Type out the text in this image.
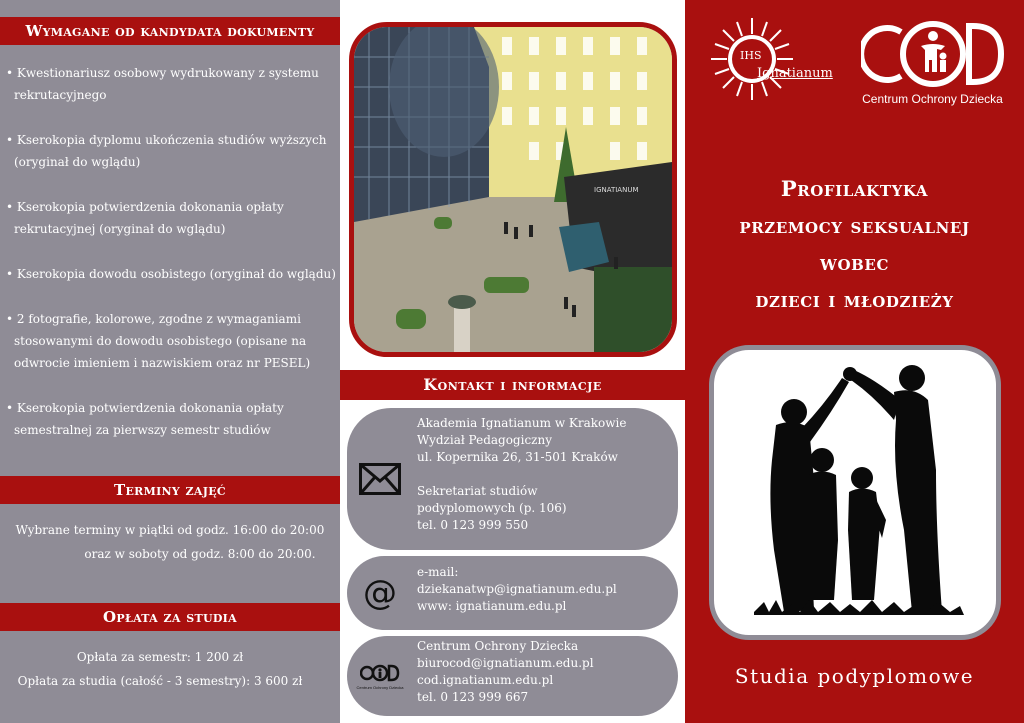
Wymagane od kandydata dokumenty
• Kwestionariusz osobowy wydrukowany z systemu
rekrutacyjnego
• Kserokopia dyplomu ukończenia studiów wyższych
(oryginał do wglądu)
• Kserokopia potwierdzenia dokonania opłaty
rekrutacyjnej (oryginał do wglądu)
• Kserokopia dowodu osobistego (oryginał do wglądu)
• 2 fotografie, kolorowe, zgodne z wymaganiami
stosowanymi do dowodu osobistego (opisane na
odwrocie imieniem i nazwiskiem oraz nr PESEL)
• Kserokopia potwierdzenia dokonania opłaty
semestralnej za pierwszy semestr studiów
Terminy zajęć
Wybrane terminy w piątki od godz. 16:00 do 20:00
oraz w soboty od godz. 8:00 do 20:00.
Opłata za studia
Opłata za semestr: 1 200 zł
Opłata za studia (całość - 3 semestry): 3 600 zł
IGNATIANUM
Kontakt i informacje
Akademia Ignatianum w Krakowie
Wydział Pedagogiczny
ul. Kopernika 26, 31-501 Kraków
Sekretariat studiów
podyplomowych (p. 106)
tel. 0 123 999 550
@
e-mail:
dziekanatwp@ignatianum.edu.pl
www: ignatianum.edu.pl
Centrum Ochrony Dziecka
Centrum Ochrony Dziecka
biurocod@ignatianum.edu.pl
cod.ignatianum.edu.pl
tel. 0 123 999 667
IHS
Ignatianum
Centrum Ochrony Dziecka
Profilaktyka
przemocy seksualnej
wobec
dzieci i młodzieży
Studia podyplomowe
